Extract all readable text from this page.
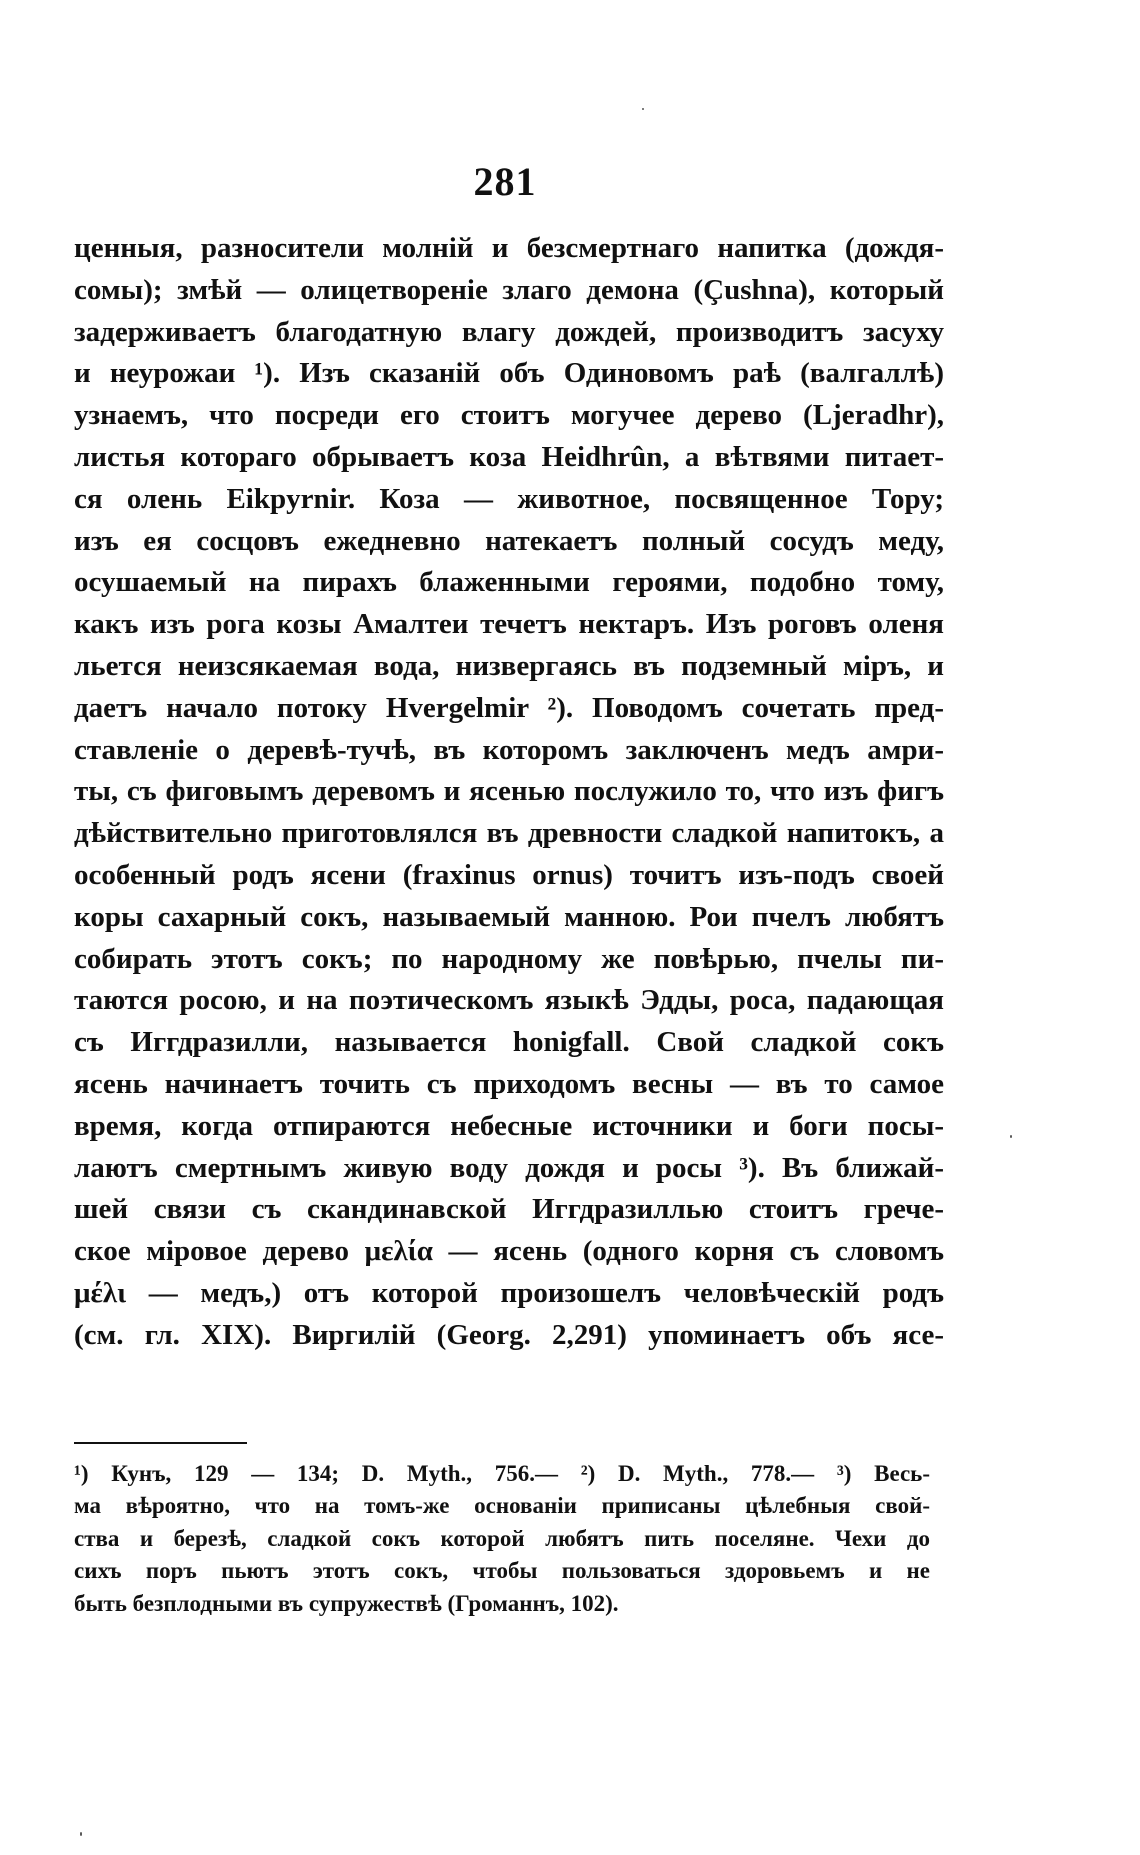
281
ценныя, разносители молній и безсмертнаго напитка (дождя-
сомы); змѣй — олицетвореніе злаго демона (Çushna), который
задерживаетъ благодатную влагу дождей, производитъ засуху
и неурожаи ¹). Изъ сказаній объ Одиновомъ раѣ (валгаллѣ)
узнаемъ, что посреди его стоитъ могучее дерево (Ljeradhr),
листья котораго обрываетъ коза Heidhrûn, а вѣтвями питает-
ся олень Eikpyrnir. Коза — животное, посвященное Тору;
изъ ея сосцовъ ежедневно натекаетъ полный сосудъ меду,
осушаемый на пирахъ блаженными героями, подобно тому,
какъ изъ рога козы Амалтеи течетъ нектаръ. Изъ роговъ оленя
льется неизсякаемая вода, низвергаясь въ подземный міръ, и
даетъ начало потоку Hvergelmir ²). Поводомъ сочетать пред-
ставленіе о деревѣ-тучѣ, въ которомъ заключенъ медъ амри-
ты, съ фиговымъ деревомъ и ясенью послужило то, что изъ фигъ
дѣйствительно приготовлялся въ древности сладкой напитокъ, а
особенный родъ ясени (fraxinus ornus) точитъ изъ-подъ своей
коры сахарный сокъ, называемый манною. Рои пчелъ любятъ
собирать этотъ сокъ; по народному же повѣрью, пчелы пи-
таются росою, и на поэтическомъ языкѣ Эдды, роса, падающая
съ Иггдразилли, называется honigfall. Свой сладкой сокъ
ясень начинаетъ точить съ приходомъ весны — въ то самое
время, когда отпираются небесные источники и боги посы-
лаютъ смертнымъ живую воду дождя и росы ³). Въ ближай-
шей связи съ скандинавской Иггдразиллью стоитъ грече-
ское міровое дерево μελία — ясень (одного корня съ словомъ
μέλι — медъ,) отъ которой произошелъ человѣческій родъ
(см. гл. XIX). Виргилій (Georg. 2,291) упоминаетъ объ ясе-
¹) Кунъ, 129 — 134; D. Myth., 756.— ²) D. Myth., 778.— ³) Весь-
ма вѣроятно, что на томъ-же основаніи приписаны цѣлебныя свой-
ства и березѣ, сладкой сокъ которой любятъ пить поселяне. Чехи до
сихъ поръ пьютъ этотъ сокъ, чтобы пользоваться здоровьемъ и не
быть безплодными въ супружествѣ (Громаннъ, 102).
